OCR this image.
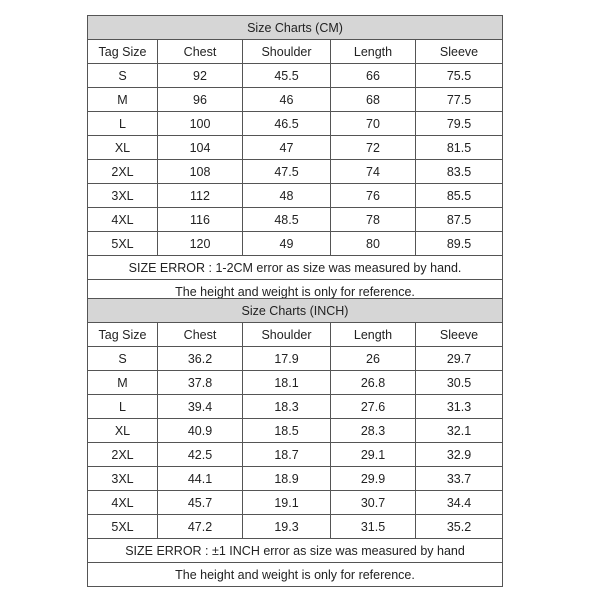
Size Charts (CM)				
Tag Size	Chest	Shoulder	Length	Sleeve
S	92	45.5	66	75.5
M	96	46	68	77.5
L	100	46.5	70	79.5
XL	104	47	72	81.5
2XL	108	47.5	74	83.5
3XL	112	48	76	85.5
4XL	116	48.5	78	87.5
5XL	120	49	80	89.5
SIZE ERROR : 1-2CM error as size was measured by hand.				
The height and weight is only for reference.				
Size Charts (INCH)				
Tag Size	Chest	Shoulder	Length	Sleeve
S	36.2	17.9	26	29.7
M	37.8	18.1	26.8	30.5
L	39.4	18.3	27.6	31.3
XL	40.9	18.5	28.3	32.1
2XL	42.5	18.7	29.1	32.9
3XL	44.1	18.9	29.9	33.7
4XL	45.7	19.1	30.7	34.4
5XL	47.2	19.3	31.5	35.2
SIZE ERROR : ±1 INCH error as size was measured by hand				
The height and weight is only for reference.				
